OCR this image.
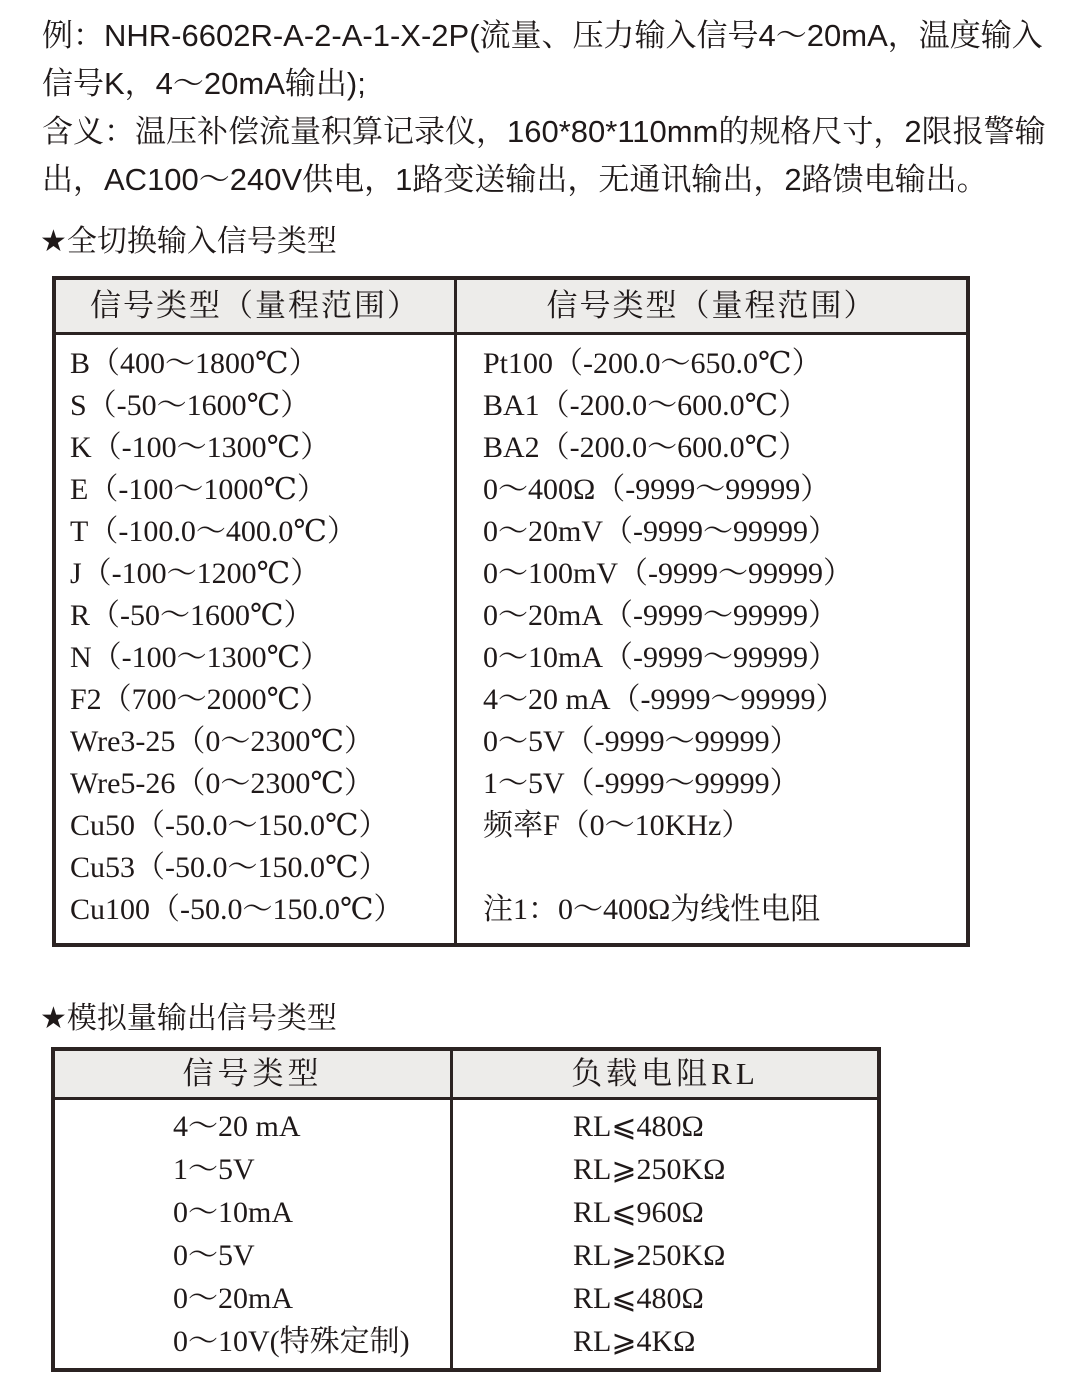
例：NHR-6602R-A-2-A-1-X-2P(流量、压力输入信号4～20mA，温度输入
信号K，4～20mA输出);
含义：温压补偿流量积算记录仪，160*80*110mm的规格尺寸，2限报警输
出，AC100～240V供电，1路变送输出，无通讯输出，2路馈电输出。
★全切换输入信号类型
信号类型（量程范围）	信号类型（量程范围）
B（400～1800℃）
S（-50～1600℃）
K（-100～1300℃）
E（-100～1000℃）
T（-100.0～400.0℃）
J（-100～1200℃）
R（-50～1600℃）
N（-100～1300℃）
F2（700～2000℃）
Wre3-25（0～2300℃）
Wre5-26（0～2300℃）
Cu50（-50.0～150.0℃）
Cu53（-50.0～150.0℃）
Cu100（-50.0～150.0℃）
Pt100（-200.0～650.0℃）
BA1（-200.0～600.0℃）
BA2（-200.0～600.0℃）
0～400Ω（-9999～99999）
0～20mV（-9999～99999）
0～100mV（-9999～99999）
0～20mA（-9999～99999）
0～10mA（-9999～99999）
4～20 mA（-9999～99999）
0～5V（-9999～99999）
1～5V（-9999～99999）
频率F（0～10KHz）
注1：0～400Ω为线性电阻
★模拟量输出信号类型
信号类型	负载电阻RL
4～20 mA
1～5V
0～10mA
0～5V
0～20mA
0～10V(特殊定制)
RL⩽480Ω
RL⩾250KΩ
RL⩽960Ω
RL⩾250KΩ
RL⩽480Ω
RL⩾4KΩ
